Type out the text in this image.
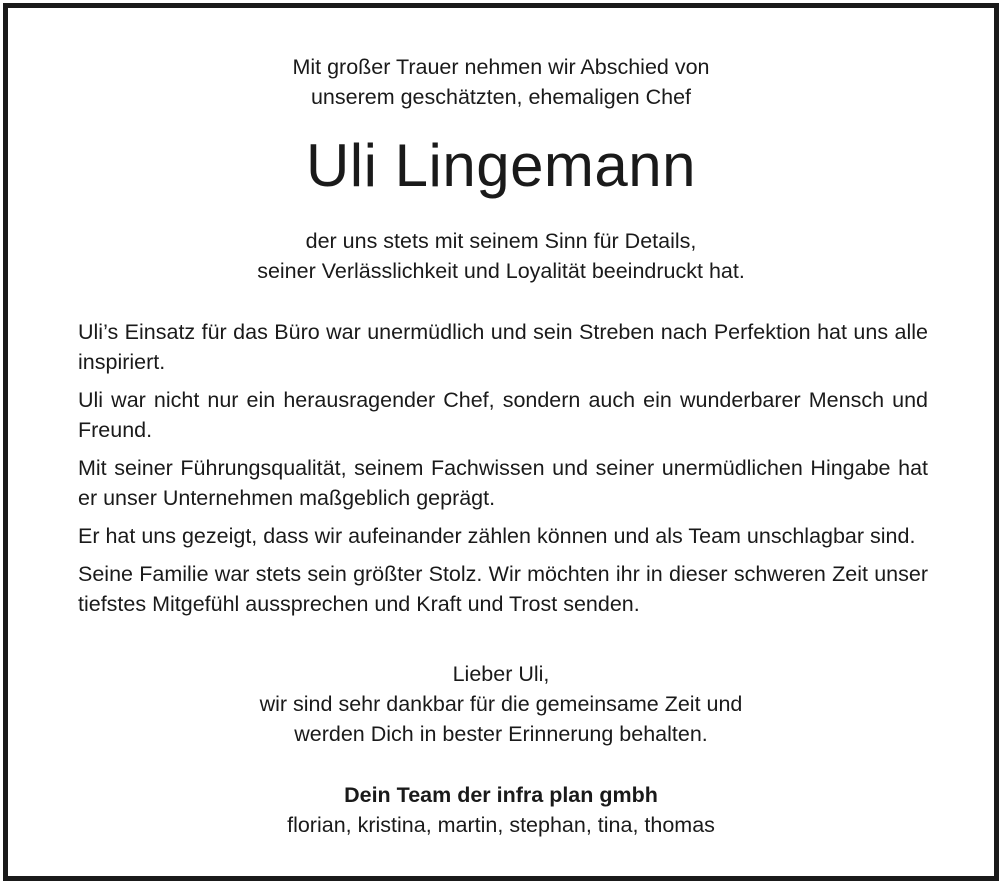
Mit großer Trauer nehmen wir Abschied von
unserem geschätzten, ehemaligen Chef
Uli Lingemann
der uns stets mit seinem Sinn für Details,
seiner Verlässlichkeit und Loyalität beeindruckt hat.

Uli’s Einsatz für das Büro war unermüdlich und sein Streben nach Perfektion hat uns alle inspiriert.

Uli war nicht nur ein herausragender Chef, sondern auch ein wunderbarer Mensch und Freund.

Mit seiner Führungsqualität, seinem Fachwissen und seiner unermüdlichen Hingabe hat er unser Unternehmen maßgeblich geprägt.

Er hat uns gezeigt, dass wir aufeinander zählen können und als Team unschlagbar sind.

Seine Familie war stets sein größter Stolz. Wir möchten ihr in dieser schweren Zeit unser tiefstes Mitgefühl aussprechen und Kraft und Trost senden.

Lieber Uli,
wir sind sehr dankbar für die gemeinsame Zeit und
werden Dich in bester Erinnerung behalten.
Dein Team der infra plan gmbh
florian, kristina, martin, stephan, tina, thomas
